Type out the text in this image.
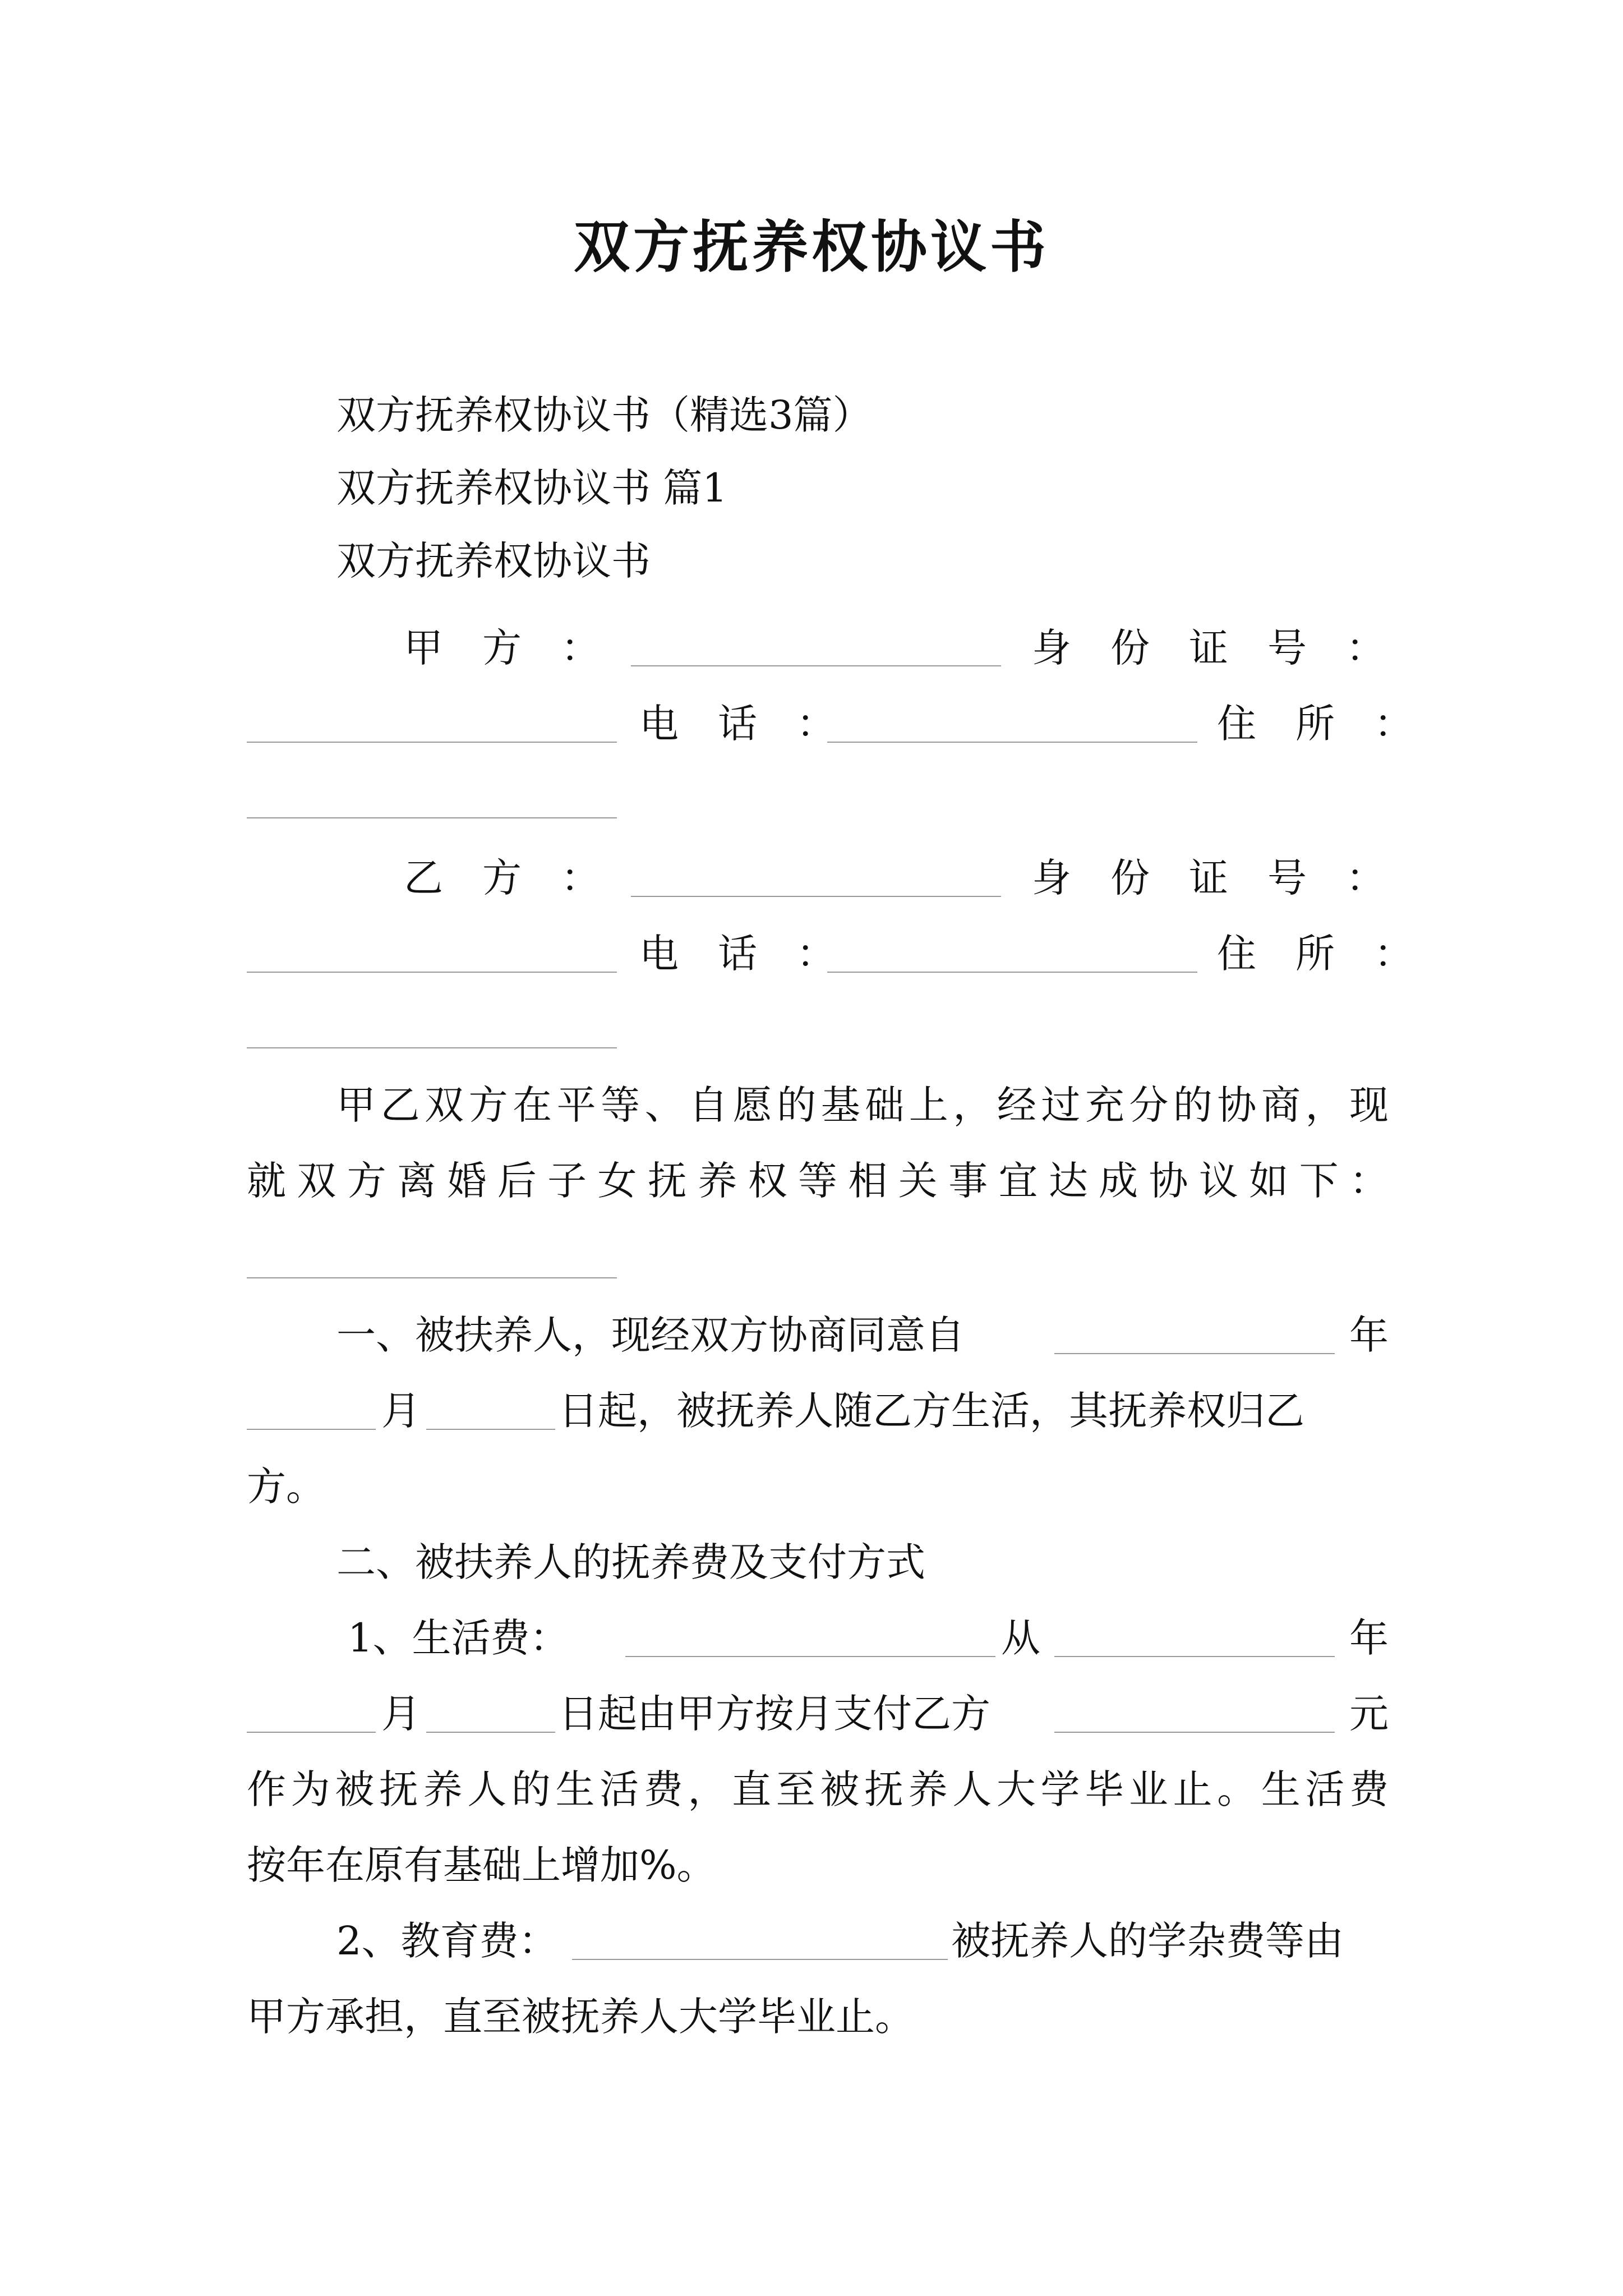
双方抚养权协议书
双方抚养权协议书（精选3篇）
双方抚养权协议书 篇1
双方抚养权协议书
甲　方　：	身　份　证　号　：
电　话　：	住　所　：
乙　方　：	身　份　证　号　：
电　话　：	住　所　：
甲乙双方在平等、自愿的基础上，经过充分的协商，现
就双方离婚后子女抚养权等相关事宜达成协议如下：
一、被扶养人，现经双方协商同意自	年
月	日起，被抚养人随乙方生活，其抚养权归乙
方。
二、被扶养人的抚养费及支付方式
1、生活费：	从	年
月	日起由甲方按月支付乙方	元
作为被抚养人的生活费，直至被抚养人大学毕业止。生活费
按年在原有基础上增加%。
2、教育费：	被抚养人的学杂费等由
甲方承担，直至被抚养人大学毕业止。
